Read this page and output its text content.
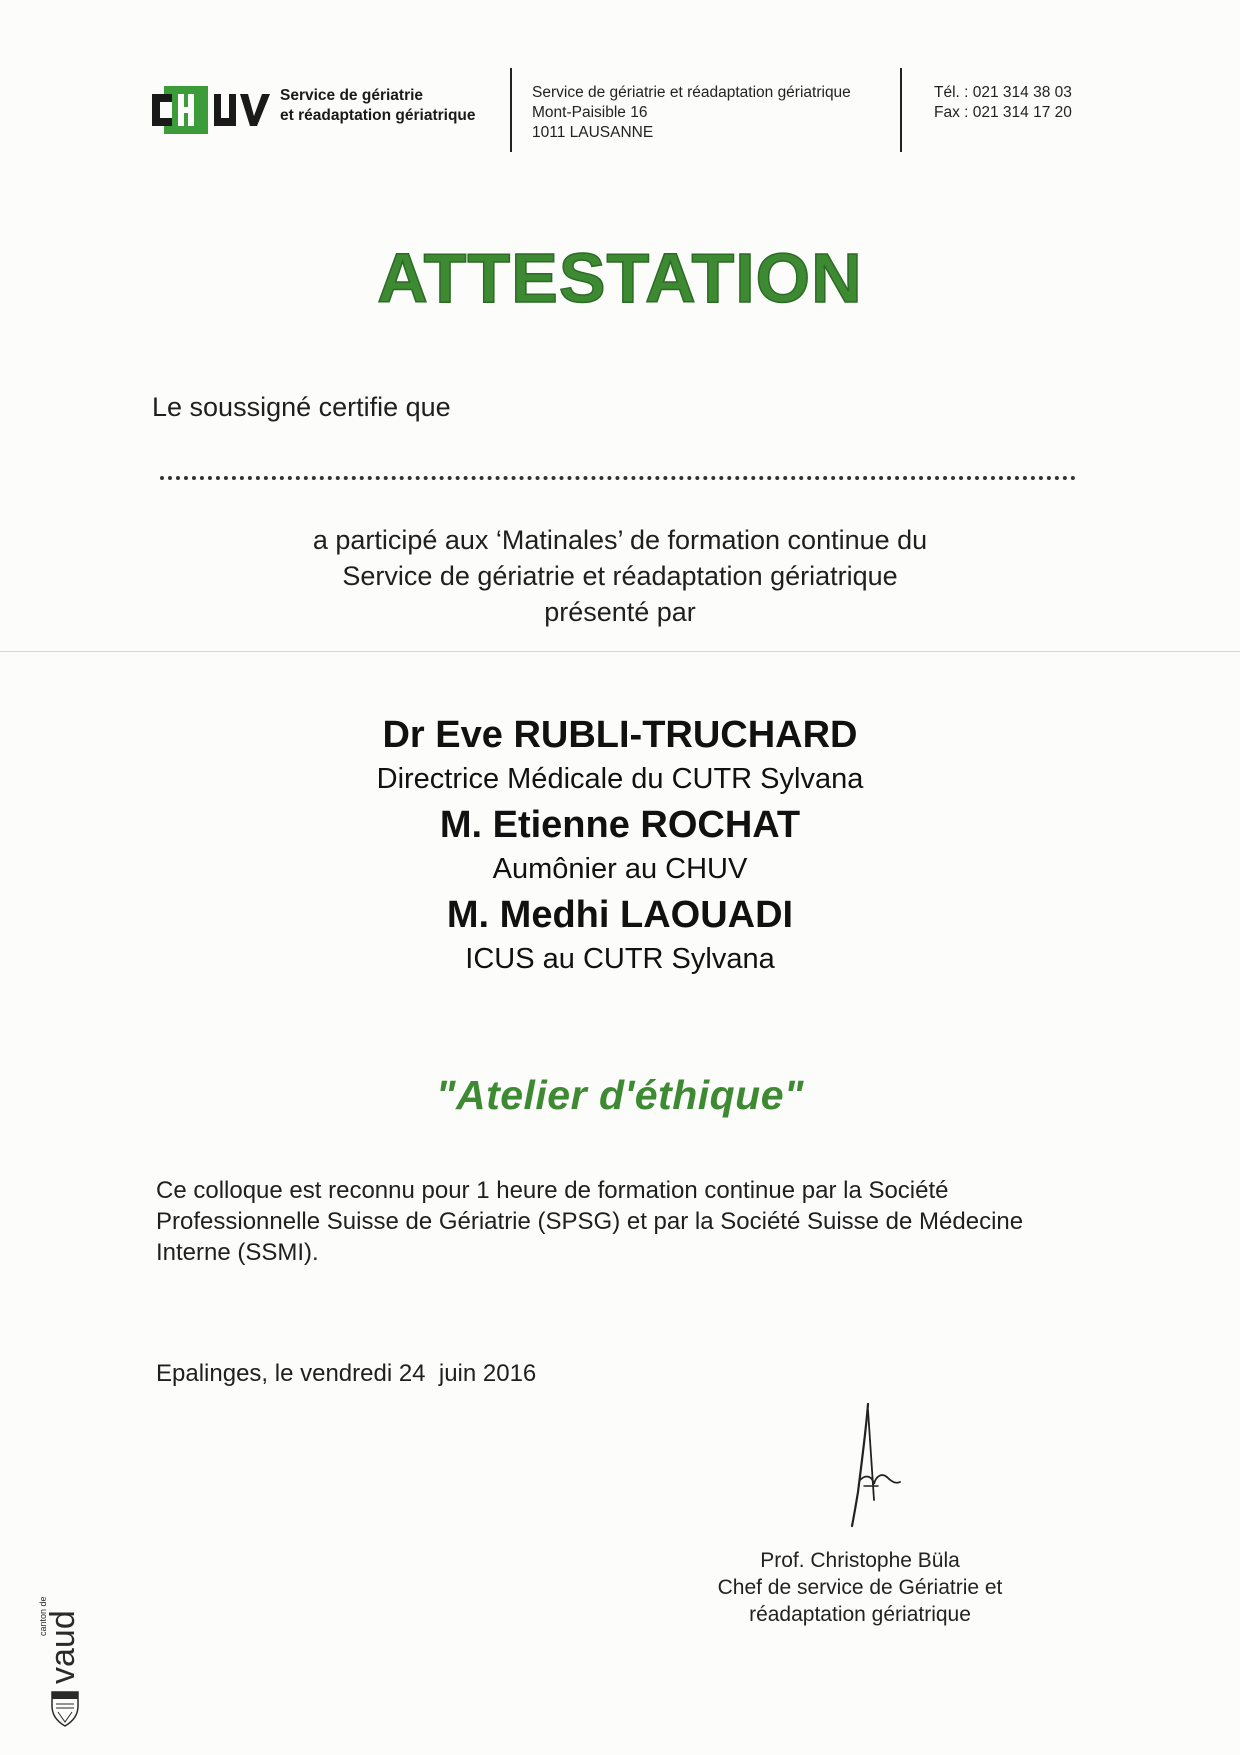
Service de gériatrie
et réadaptation gériatrique
Service de gériatrie et réadaptation gériatrique
Mont-Paisible 16
1011 LAUSANNE
Tél. : 021 314 38 03
Fax : 021 314 17 20
ATTESTATION
Le soussigné certifie que
a participé aux ‘Matinales’ de formation continue du
Service de gériatrie et réadaptation gériatrique
présenté par
Dr Eve RUBLI-TRUCHARD
Directrice Médicale du CUTR Sylvana
M. Etienne ROCHAT
Aumônier au CHUV
M. Medhi LAOUADI
ICUS au CUTR Sylvana
"Atelier d'éthique"
Ce colloque est reconnu pour 1 heure de formation continue par la Société
Professionnelle Suisse de Gériatrie (SPSG) et par la Société Suisse de Médecine
Interne (SSMI).
Epalinges, le vendredi 24  juin 2016
Prof. Christophe Büla
Chef de service de Gériatrie et
réadaptation gériatrique
vaud
canton de
